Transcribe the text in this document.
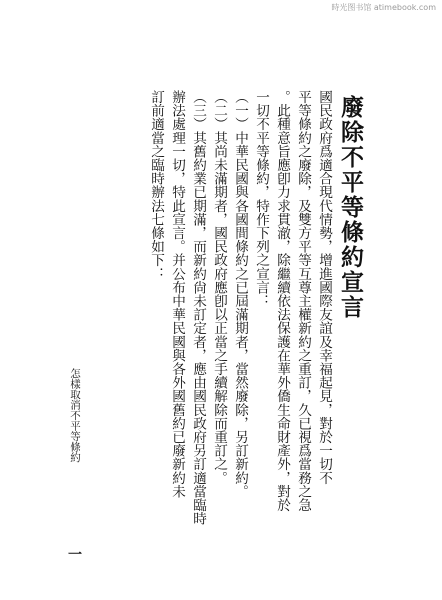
時光图书馆 atimebook.com
廢除不平等條約宣言
國民政府爲適合現代情勢，增進國際友誼及幸福起見，對於一切不
平等條約之廢除，及雙方平等互尊主權新約之重訂，久已視爲當務之急
。此種意旨應卽力求貫澈，除繼續依法保護在華外僑生命財產外，對於
一切不平等條約，特作下列之宣言：
（一）中華民國與各國間條約之已屆滿期者，當然廢除，另訂新約。
（二）其尚未滿期者，國民政府應卽以正當之手續解除而重訂之。
（三）其舊約業已期滿，而新約尙未訂定者，應由國民政府另訂適當臨時
辦法處理一切，特此宣言。并公布中華民國與各外國舊約已廢新約未
訂前適當之臨時辦法七條如下：
怎樣取消不平等條約
一
